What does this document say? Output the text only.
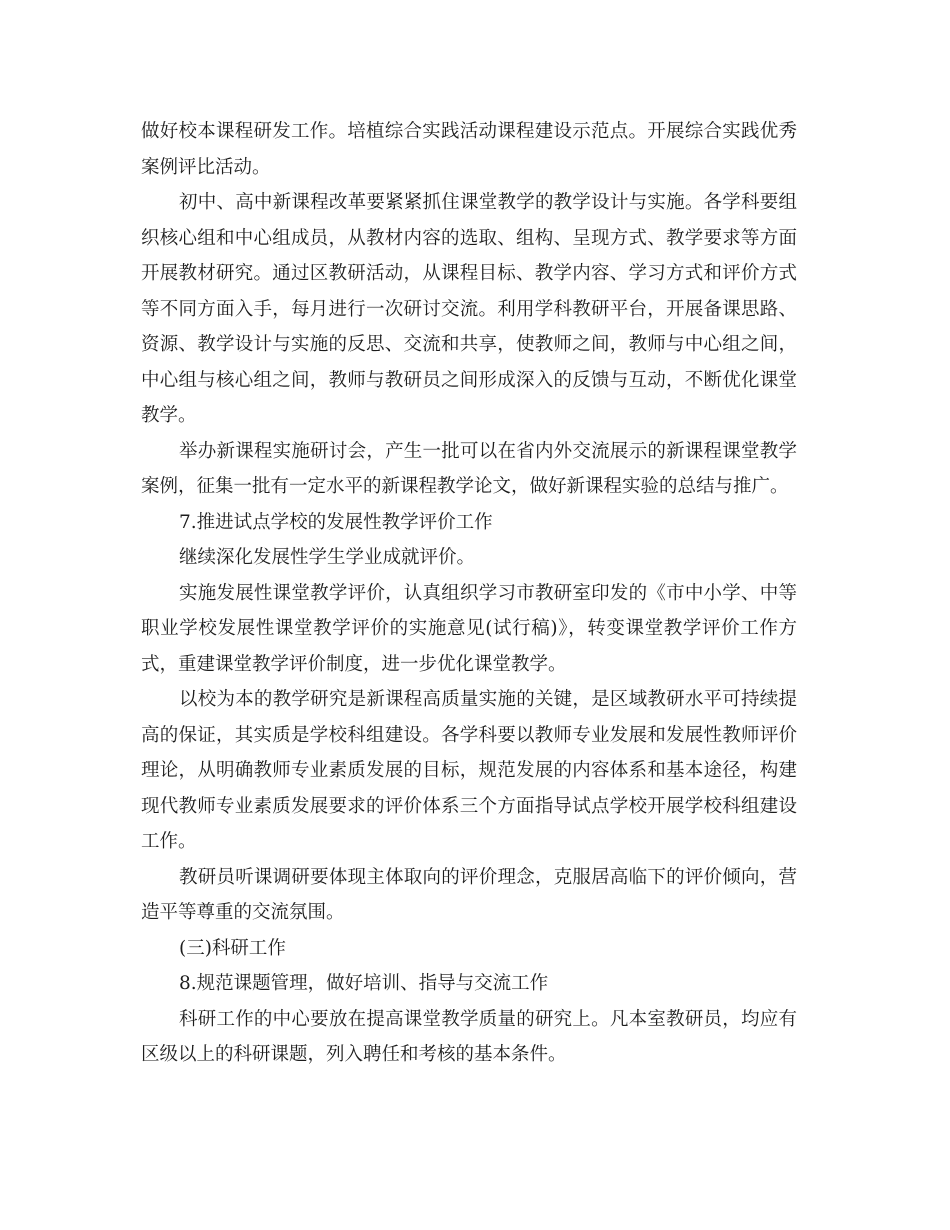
做好校本课程研发工作。培植综合实践活动课程建设示范点。开展综合实践优秀案例评比活动。

初中、高中新课程改革要紧紧抓住课堂教学的教学设计与实施。各学科要组织核心组和中心组成员，从教材内容的选取、组构、呈现方式、教学要求等方面开展教材研究。通过区教研活动，从课程目标、教学内容、学习方式和评价方式等不同方面入手，每月进行一次研讨交流。利用学科教研平台，开展备课思路、资源、教学设计与实施的反思、交流和共享，使教师之间，教师与中心组之间，中心组与核心组之间，教师与教研员之间形成深入的反馈与互动，不断优化课堂教学。

举办新课程实施研讨会，产生一批可以在省内外交流展示的新课程课堂教学案例，征集一批有一定水平的新课程教学论文，做好新课程实验的总结与推广。

7.推进试点学校的发展性教学评价工作

继续深化发展性学生学业成就评价。

实施发展性课堂教学评价，认真组织学习市教研室印发的《市中小学、中等职业学校发展性课堂教学评价的实施意见(试行稿)》，转变课堂教学评价工作方式，重建课堂教学评价制度，进一步优化课堂教学。

以校为本的教学研究是新课程高质量实施的关键，是区域教研水平可持续提高的保证，其实质是学校科组建设。各学科要以教师专业发展和发展性教师评价理论，从明确教师专业素质发展的目标，规范发展的内容体系和基本途径，构建现代教师专业素质发展要求的评价体系三个方面指导试点学校开展学校科组建设工作。

教研员听课调研要体现主体取向的评价理念，克服居高临下的评价倾向，营造平等尊重的交流氛围。

(三)科研工作

8.规范课题管理，做好培训、指导与交流工作

科研工作的中心要放在提高课堂教学质量的研究上。凡本室教研员，均应有区级以上的科研课题，列入聘任和考核的基本条件。
